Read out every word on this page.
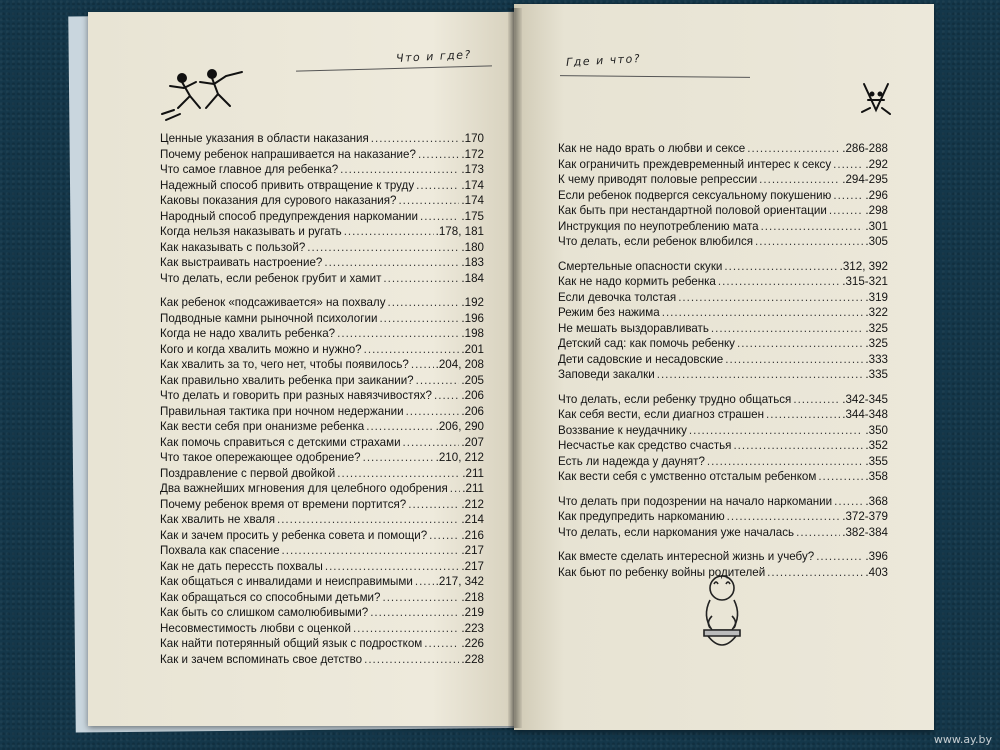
Что и где?	Где и что?
Ценные указания в области наказания .....	.170
Почему ребенок напрашивается на наказание? .....	.172
Что самое главное для ребенка? .....	.173
Надежный способ привить отвращение к труду .....	.174
Каковы показания для сурового наказания? .....	.174
Народный способ предупреждения наркомании .....	.175
Когда нельзя наказывать и ругать .....	.178, 181
Как наказывать с пользой? .....	.180
Как выстраивать настроение? .....	.183
Что делать, если ребенок грубит и хамит .....	.184
Как ребенок «подсаживается» на похвалу .....	.192
Подводные камни рыночной психологии .....	.196
Когда не надо хвалить ребенка? .....	.198
Кого и когда хвалить можно и нужно? .....	.201
Как хвалить за то, чего нет, чтобы появилось? ..... .204, 208
Как правильно хвалить ребенка при заикании? .....	.205
Что делать и говорить при разных навязчивостях? .....	.206
Правильная тактика при ночном недержании .....	.206
Как вести себя при онанизме ребенка .....	.206, 290
Как помочь справиться с детскими страхами .....	.207
Что такое опережающее одобрение? .....	.210, 212
Поздравление с первой двойкой .....	.211
Два важнейших мгновения для целебного одобрения ..... .211
Почему ребенок время от времени портится? .....	.212
Как хвалить не хваля .....	.214
Как и зачем просить у ребенка совета и помощи? .....	.216
Похвала как спасение .....	.217
Как не дать перессть похвалы .....	.217
Как общаться с инвалидами и неисправимыми ..... .217, 342
Как обращаться со способными детьми? .....	.218
Как быть со слишком самолюбивыми? .....	.219
Несовместимость любви с оценкой .....	.223
Как найти потерянный общий язык с подростком .....	.226
Как и зачем вспоминать свое детство .....	.228
Как не надо врать о любви и сексе .....	.286-288
Как ограничить преждевременный интерес к сексу .....	.292
К чему приводят половые репрессии .....	.294-295
Если ребенок подвергся сексуальному покушению .....	.296
Как быть при нестандартной половой ориентации .....	.298
Инструкция по неупотреблению мата .....	.301
Что делать, если ребенок влюбился .....	.305
Смертельные опасности скуки .....	.312, 392
Как не надо кормить ребенка .....	.315-321
Если девочка толстая .....	.319
Режим без нажима .....	.322
Не мешать выздоравливать .....	.325
Детский сад: как помочь ребенку .....	.325
Дети садовские и несадовские .....	.333
Заповеди закалки .....	.335
Что делать, если ребенку трудно общаться .....	.342-345
Как себя вести, если диагноз страшен .....	.344-348
Воззвание к неудачнику .....	.350
Несчастье как средство счастья .....	.352
Есть ли надежда у даунят? .....	.355
Как вести себя с умственно отсталым ребенком .....	.358
Что делать при подозрении на начало наркомании .....	.368
Как предупредить наркоманию .....	.372-379
Что делать, если наркомания уже началась .....	.382-384
Как вместе сделать интересной жизнь и учебу? .....	.396
Как бьют по ребенку войны родителей .....	.403
www.ay.by
